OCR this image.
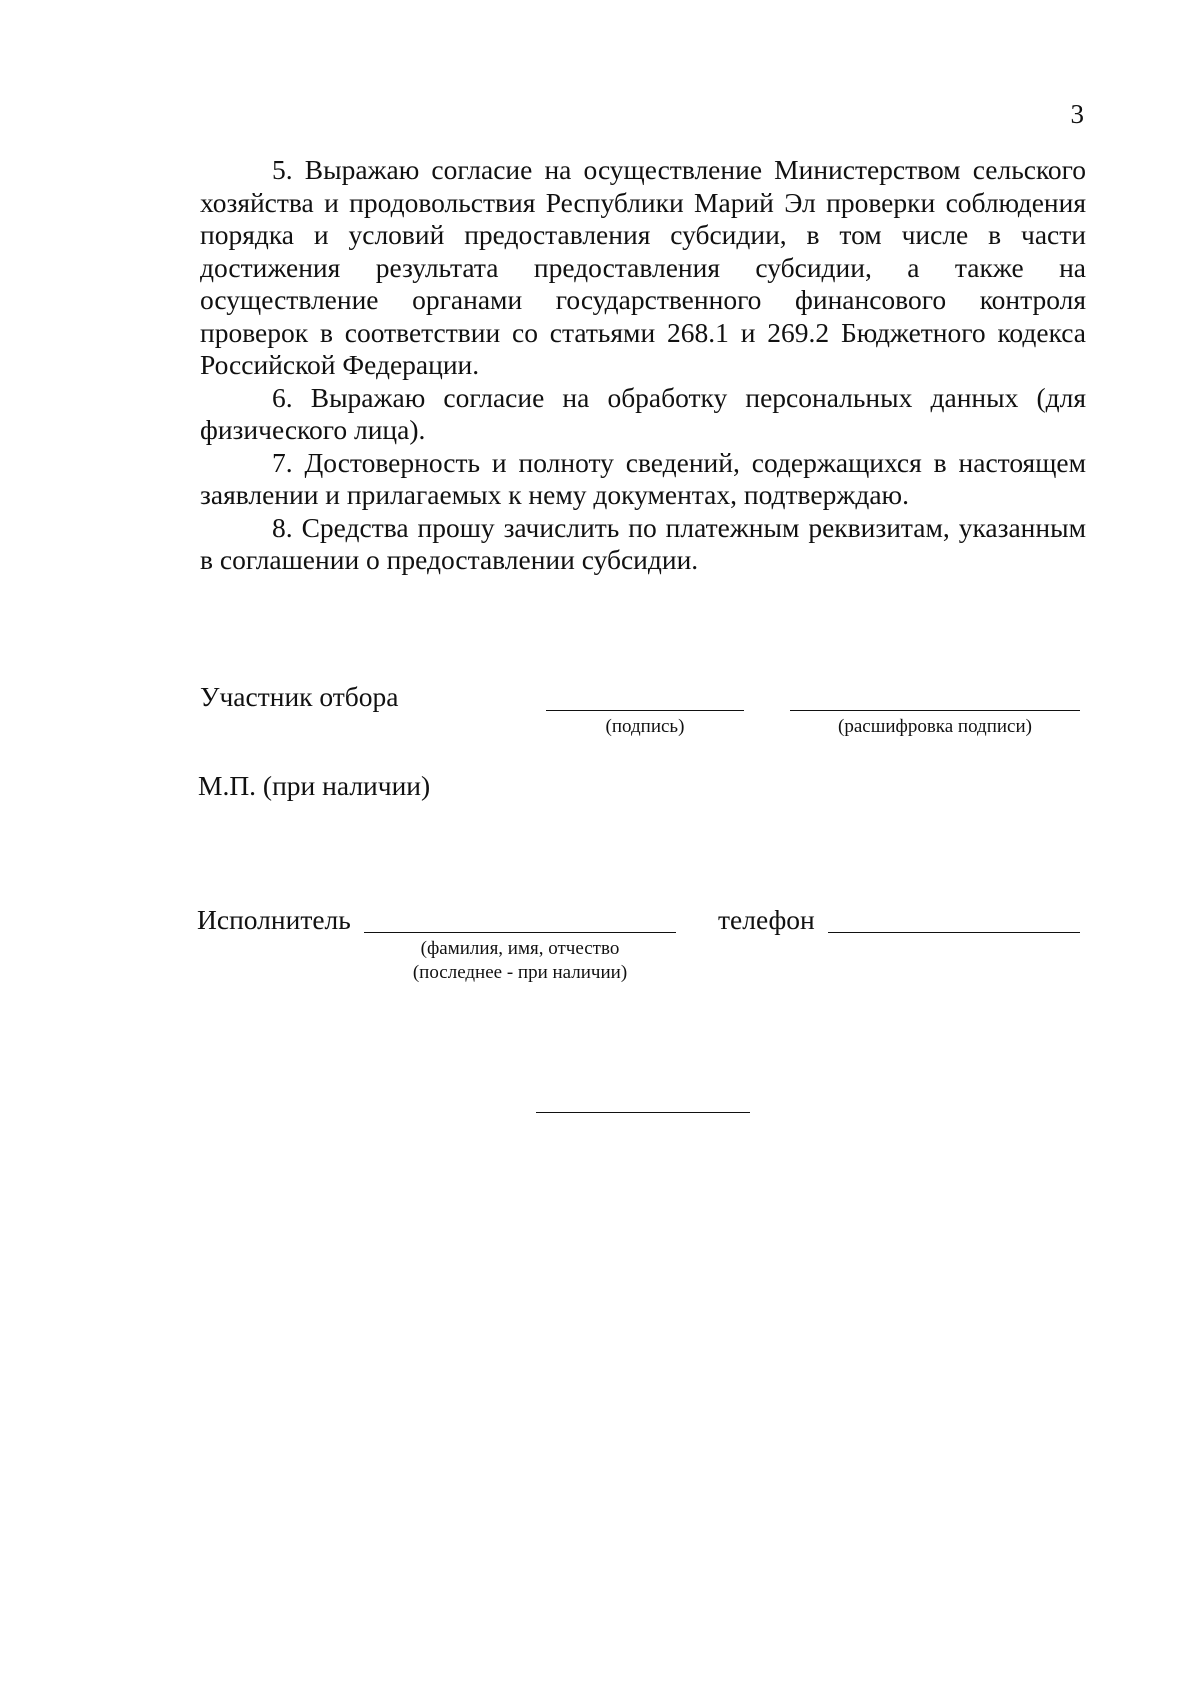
3

5. Выражаю согласие на осуществление Министерством сельского хозяйства и продовольствия Республики Марий Эл проверки соблюдения порядка и условий предоставления субсидии, в том числе в части достижения результата предоставления субсидии, а также на осуществление органами государственного финансового контроля проверок в соответствии со статьями 268.1 и 269.2 Бюджетного кодекса Российской Федерации.

6. Выражаю согласие на обработку персональных данных (для физического лица).

7. Достоверность и полноту сведений, содержащихся в настоящем заявлении и прилагаемых к нему документах, подтверждаю.

8. Средства прошу зачислить по платежным реквизитам, указанным в соглашении о предоставлении субсидии.

Участник отбора
(подпись)	(расшифровка подписи)
М.П. (при наличии)
Исполнитель
(фамилия, имя, отчество
(последнее - при наличии)
телефон
